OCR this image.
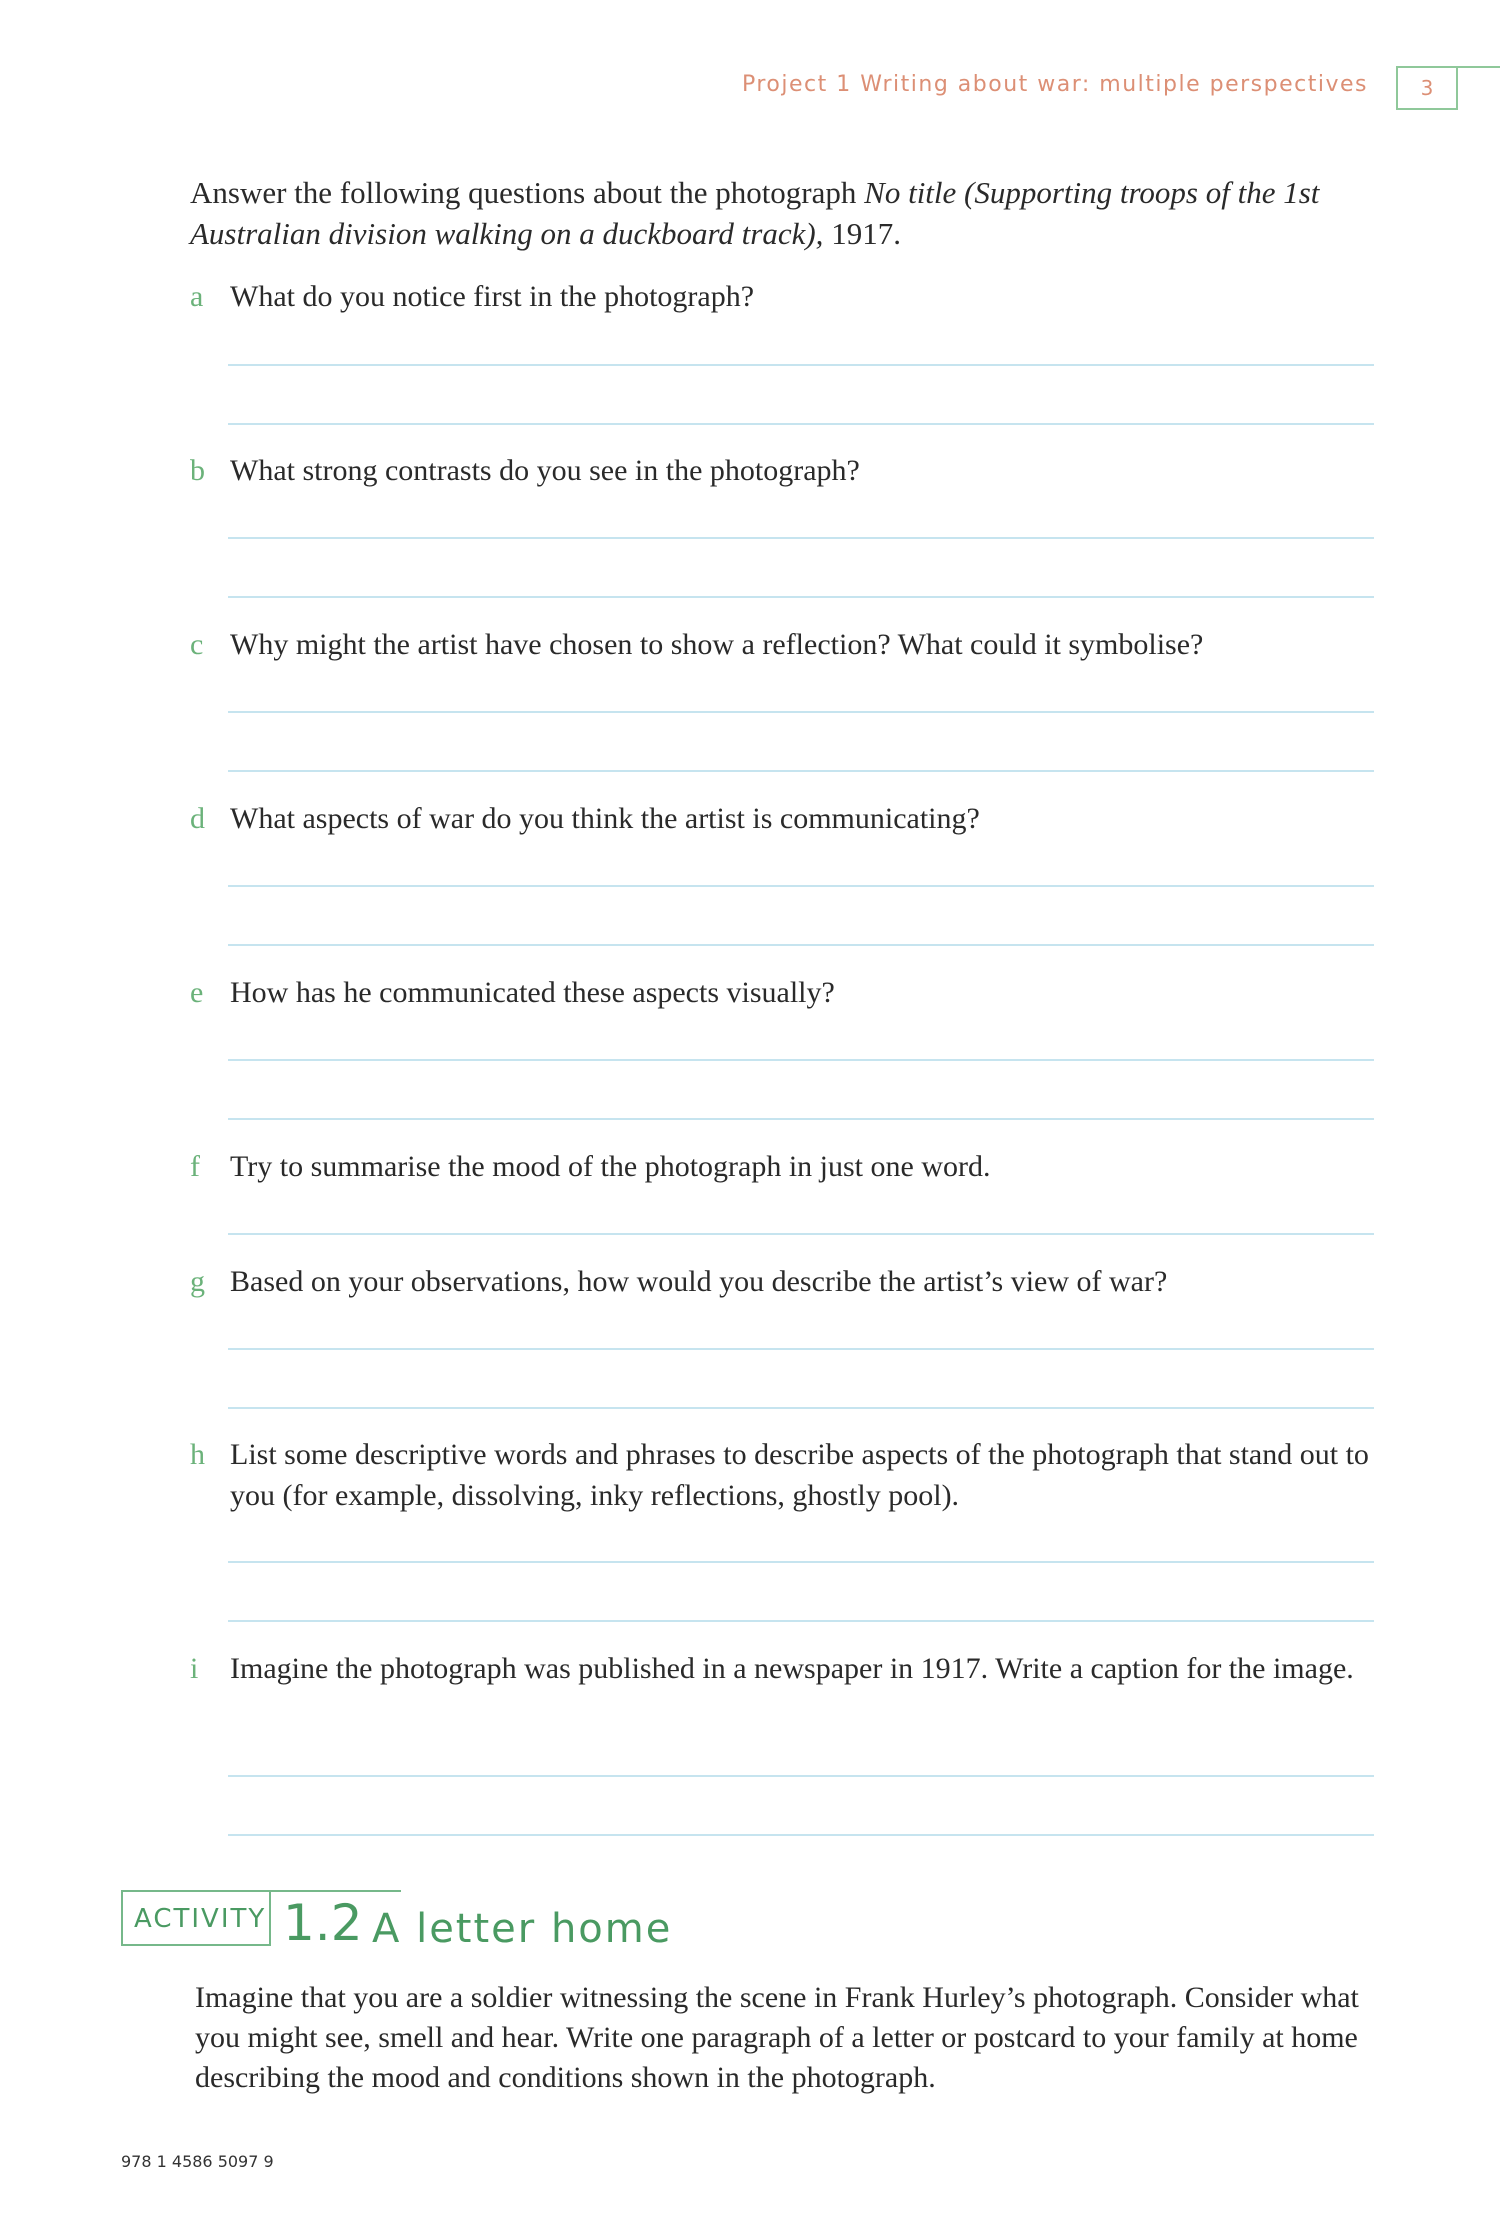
Project 1 Writing about war: multiple perspectives	3
Answer the following questions about the photograph No title (Supporting troops of the 1st Australian division walking on a duckboard track), 1917.
a What do you notice first in the photograph?
b What strong contrasts do you see in the photograph?
c Why might the artist have chosen to show a reflection? What could it symbolise?
d What aspects of war do you think the artist is communicating?
e How has he communicated these aspects visually?
f	Try to summarise the mood of the photograph in just one word.
g Based on your observations, how would you describe the artist’s view of war?
h List some descriptive words and phrases to describe aspects of the photograph that stand out to you (for example, dissolving, inky reflections, ghostly pool).
i	Imagine the photograph was published in a newspaper in 1917. Write a caption for the image.
ACTIVITY 1.2 A letter home
Imagine that you are a soldier witnessing the scene in Frank Hurley’s photograph. Consider what you might see, smell and hear. Write one paragraph of a letter or postcard to your family at home describing the mood and conditions shown in the photograph.
978 1 4586 5097 9
